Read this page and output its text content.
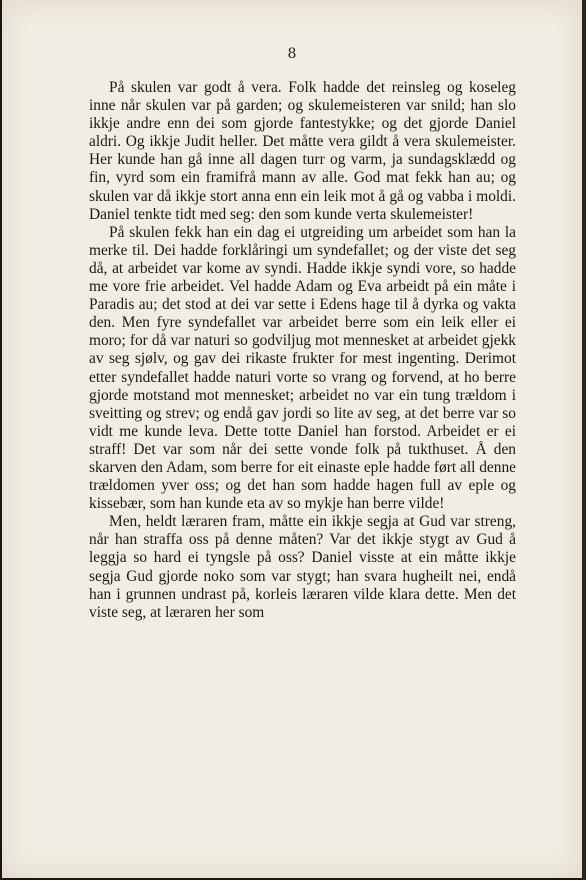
8

På skulen var godt å vera. Folk hadde det reinsleg og koseleg inne når skulen var på garden; og skulemeisteren var snild; han slo ikkje andre enn dei som gjorde fantestykke; og det gjorde Daniel aldri. Og ikkje Judit heller. Det måtte vera gildt å vera skulemeister. Her kunde han gå inne all dagen turr og varm, ja sundagsklædd og fin, vyrd som ein framifrå mann av alle. God mat fekk han au; og skulen var då ikkje stort anna enn ein leik mot å gå og vabba i moldi. Daniel tenkte tidt med seg: den som kunde verta skulemeister!

På skulen fekk han ein dag ei utgreiding um arbeidet som han la merke til. Dei hadde forklåringi um syndefallet; og der viste det seg då, at arbeidet var kome av syndi. Hadde ikkje syndi vore, so hadde me vore frie arbeidet. Vel hadde Adam og Eva arbeidt på ein måte i Paradis au; det stod at dei var sette i Edens hage til å dyrka og vakta den. Men fyre syndefallet var arbeidet berre som ein leik eller ei moro; for då var naturi so godviljug mot mennesket at arbeidet gjekk av seg sjølv, og gav dei rikaste frukter for mest ingenting. Derimot etter syndefallet hadde naturi vorte so vrang og forvend, at ho berre gjorde motstand mot mennesket; arbeidet no var ein tung trældom i sveitting og strev; og endå gav jordi so lite av seg, at det berre var so vidt me kunde leva. Dette totte Daniel han forstod. Arbeidet er ei straff! Det var som når dei sette vonde folk på tukthuset. Å den skarven den Adam, som berre for eit einaste eple hadde ført all denne trældomen yver oss; og det han som hadde hagen full av eple og kissebær, som han kunde eta av so mykje han berre vilde!

Men, heldt læraren fram, måtte ein ikkje segja at Gud var streng, når han straffa oss på denne måten? Var det ikkje stygt av Gud å leggja so hard ei tyngsle på oss? Daniel visste at ein måtte ikkje segja Gud gjorde noko som var stygt; han svara hugheilt nei, endå han i grunnen undrast på, korleis læraren vilde klara dette. Men det viste seg, at læraren her som
